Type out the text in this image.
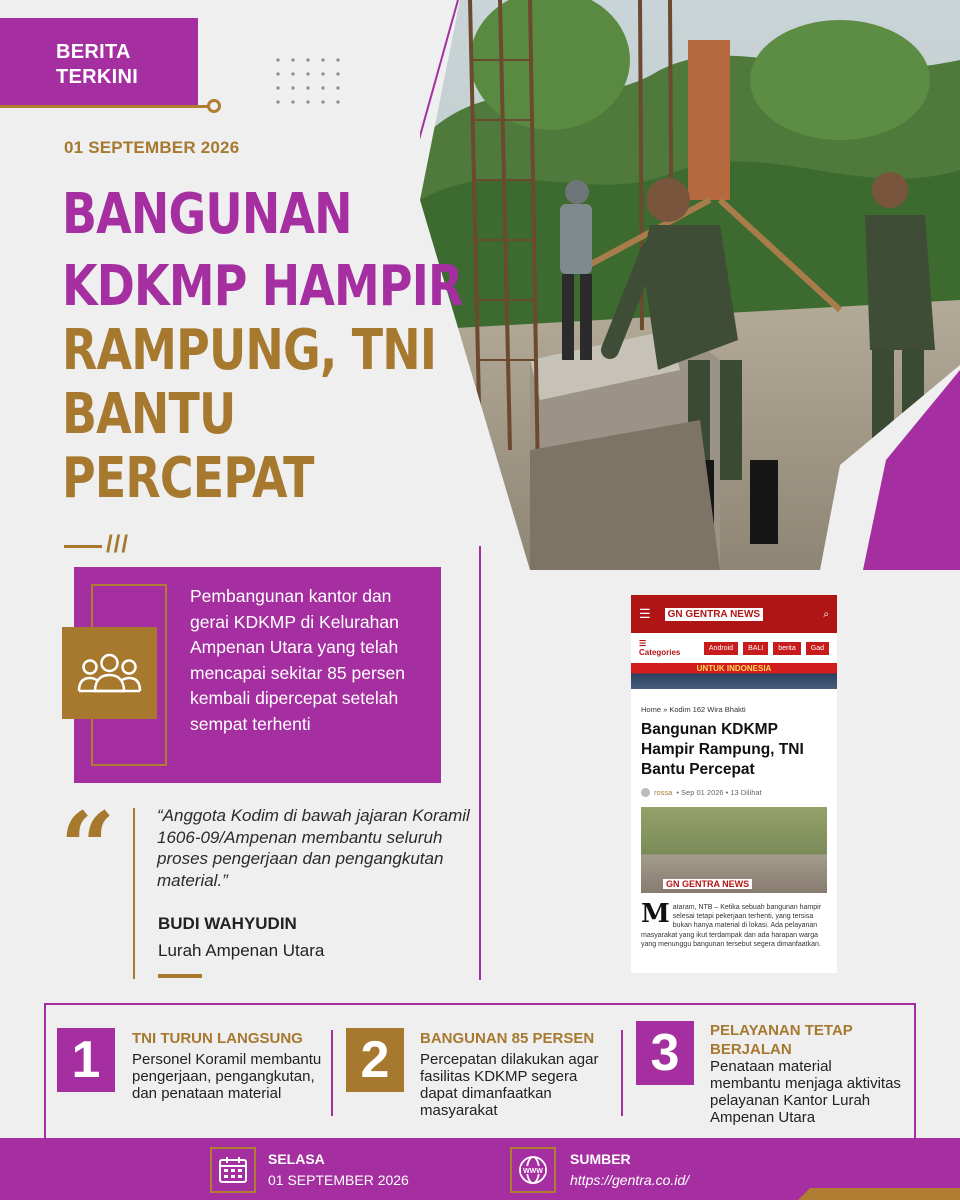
BERITA
TERKINI
01 SEPTEMBER 2026
BANGUNAN
KDKMP HAMPIR
RAMPUNG, TNI
BANTU
PERCEPAT
///
Pembangunan kantor dan gerai KDKMP di Kelurahan Ampenan Utara yang telah mencapai sekitar 85 persen kembali dipercepat setelah sempat terhenti
“ “Anggota Kodim di bawah jajaran Koramil 1606-09/Ampenan membantu seluruh proses pengerjaan dan pengangkutan material.”
BUDI WAHYUDIN
Lurah Ampenan Utara
☰	GN GENTRA NEWS	⌕
☰ Categories	Android	BALI	berita	Gad
UNTUK INDONESIA
Home » Kodim 162 Wira Bhakti
Bangunan KDKMP Hampir Rampung, TNI Bantu Percepat
rossa • Sep 01 2026 • 13 Dilihat
GN GENTRA NEWS
M ataram, NTB – Ketika sebuah bangunan hampir selesai tetapi pekerjaan terhenti, yang tersisa bukan hanya material di lokasi. Ada pelayanan masyarakat yang ikut terdampak dan ada harapan warga yang menunggu bangunan tersebut segera dimanfaatkan.
1	TNI TURUN LANGSUNG
Personel Koramil membantu pengerjaan, pengangkutan, dan penataan material
2	BANGUNAN 85 PERSEN
Percepatan dilakukan agar fasilitas KDKMP segera dapat dimanfaatkan masyarakat
3	PELAYANAN TETAP BERJALAN
Penataan material membantu menjaga aktivitas pelayanan Kantor Lurah Ampenan Utara
SELASA
01 SEPTEMBER 2026
WWW
SUMBER
https://gentra.co.id/
